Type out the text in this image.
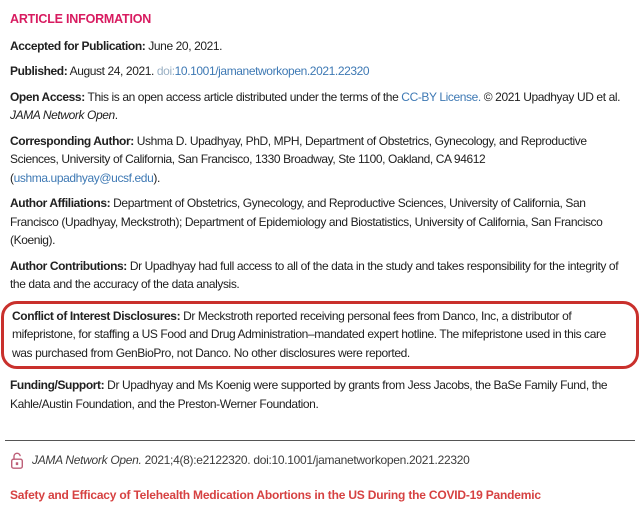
ARTICLE INFORMATION

Accepted for Publication: June 20, 2021.

Published: August 24, 2021. doi:10.1001/jamanetworkopen.2021.22320

Open Access: This is an open access article distributed under the terms of the CC-BY License. © 2021 Upadhyay UD et al. JAMA Network Open.

Corresponding Author: Ushma D. Upadhyay, PhD, MPH, Department of Obstetrics, Gynecology, and Reproductive Sciences, University of California, San Francisco, 1330 Broadway, Ste 1100, Oakland, CA 94612 (ushma.upadhyay@ucsf.edu).

Author Affiliations: Department of Obstetrics, Gynecology, and Reproductive Sciences, University of California, San Francisco (Upadhyay, Meckstroth); Department of Epidemiology and Biostatistics, University of California, San Francisco (Koenig).

Author Contributions: Dr Upadhyay had full access to all of the data in the study and takes responsibility for the integrity of the data and the accuracy of the data analysis.

Conflict of Interest Disclosures: Dr Meckstroth reported receiving personal fees from Danco, Inc, a distributor of mifepristone, for staffing a US Food and Drug Administration–mandated expert hotline. The mifepristone used in this care was purchased from GenBioPro, not Danco. No other disclosures were reported.

Funding/Support: Dr Upadhyay and Ms Koenig were supported by grants from Jess Jacobs, the BaSe Family Fund, the Kahle/Austin Foundation, and the Preston-Werner Foundation.

JAMA Network Open. 2021;4(8):e2122320. doi:10.1001/jamanetworkopen.2021.22320

Safety and Efficacy of Telehealth Medication Abortions in the US During the COVID-19 Pandemic
